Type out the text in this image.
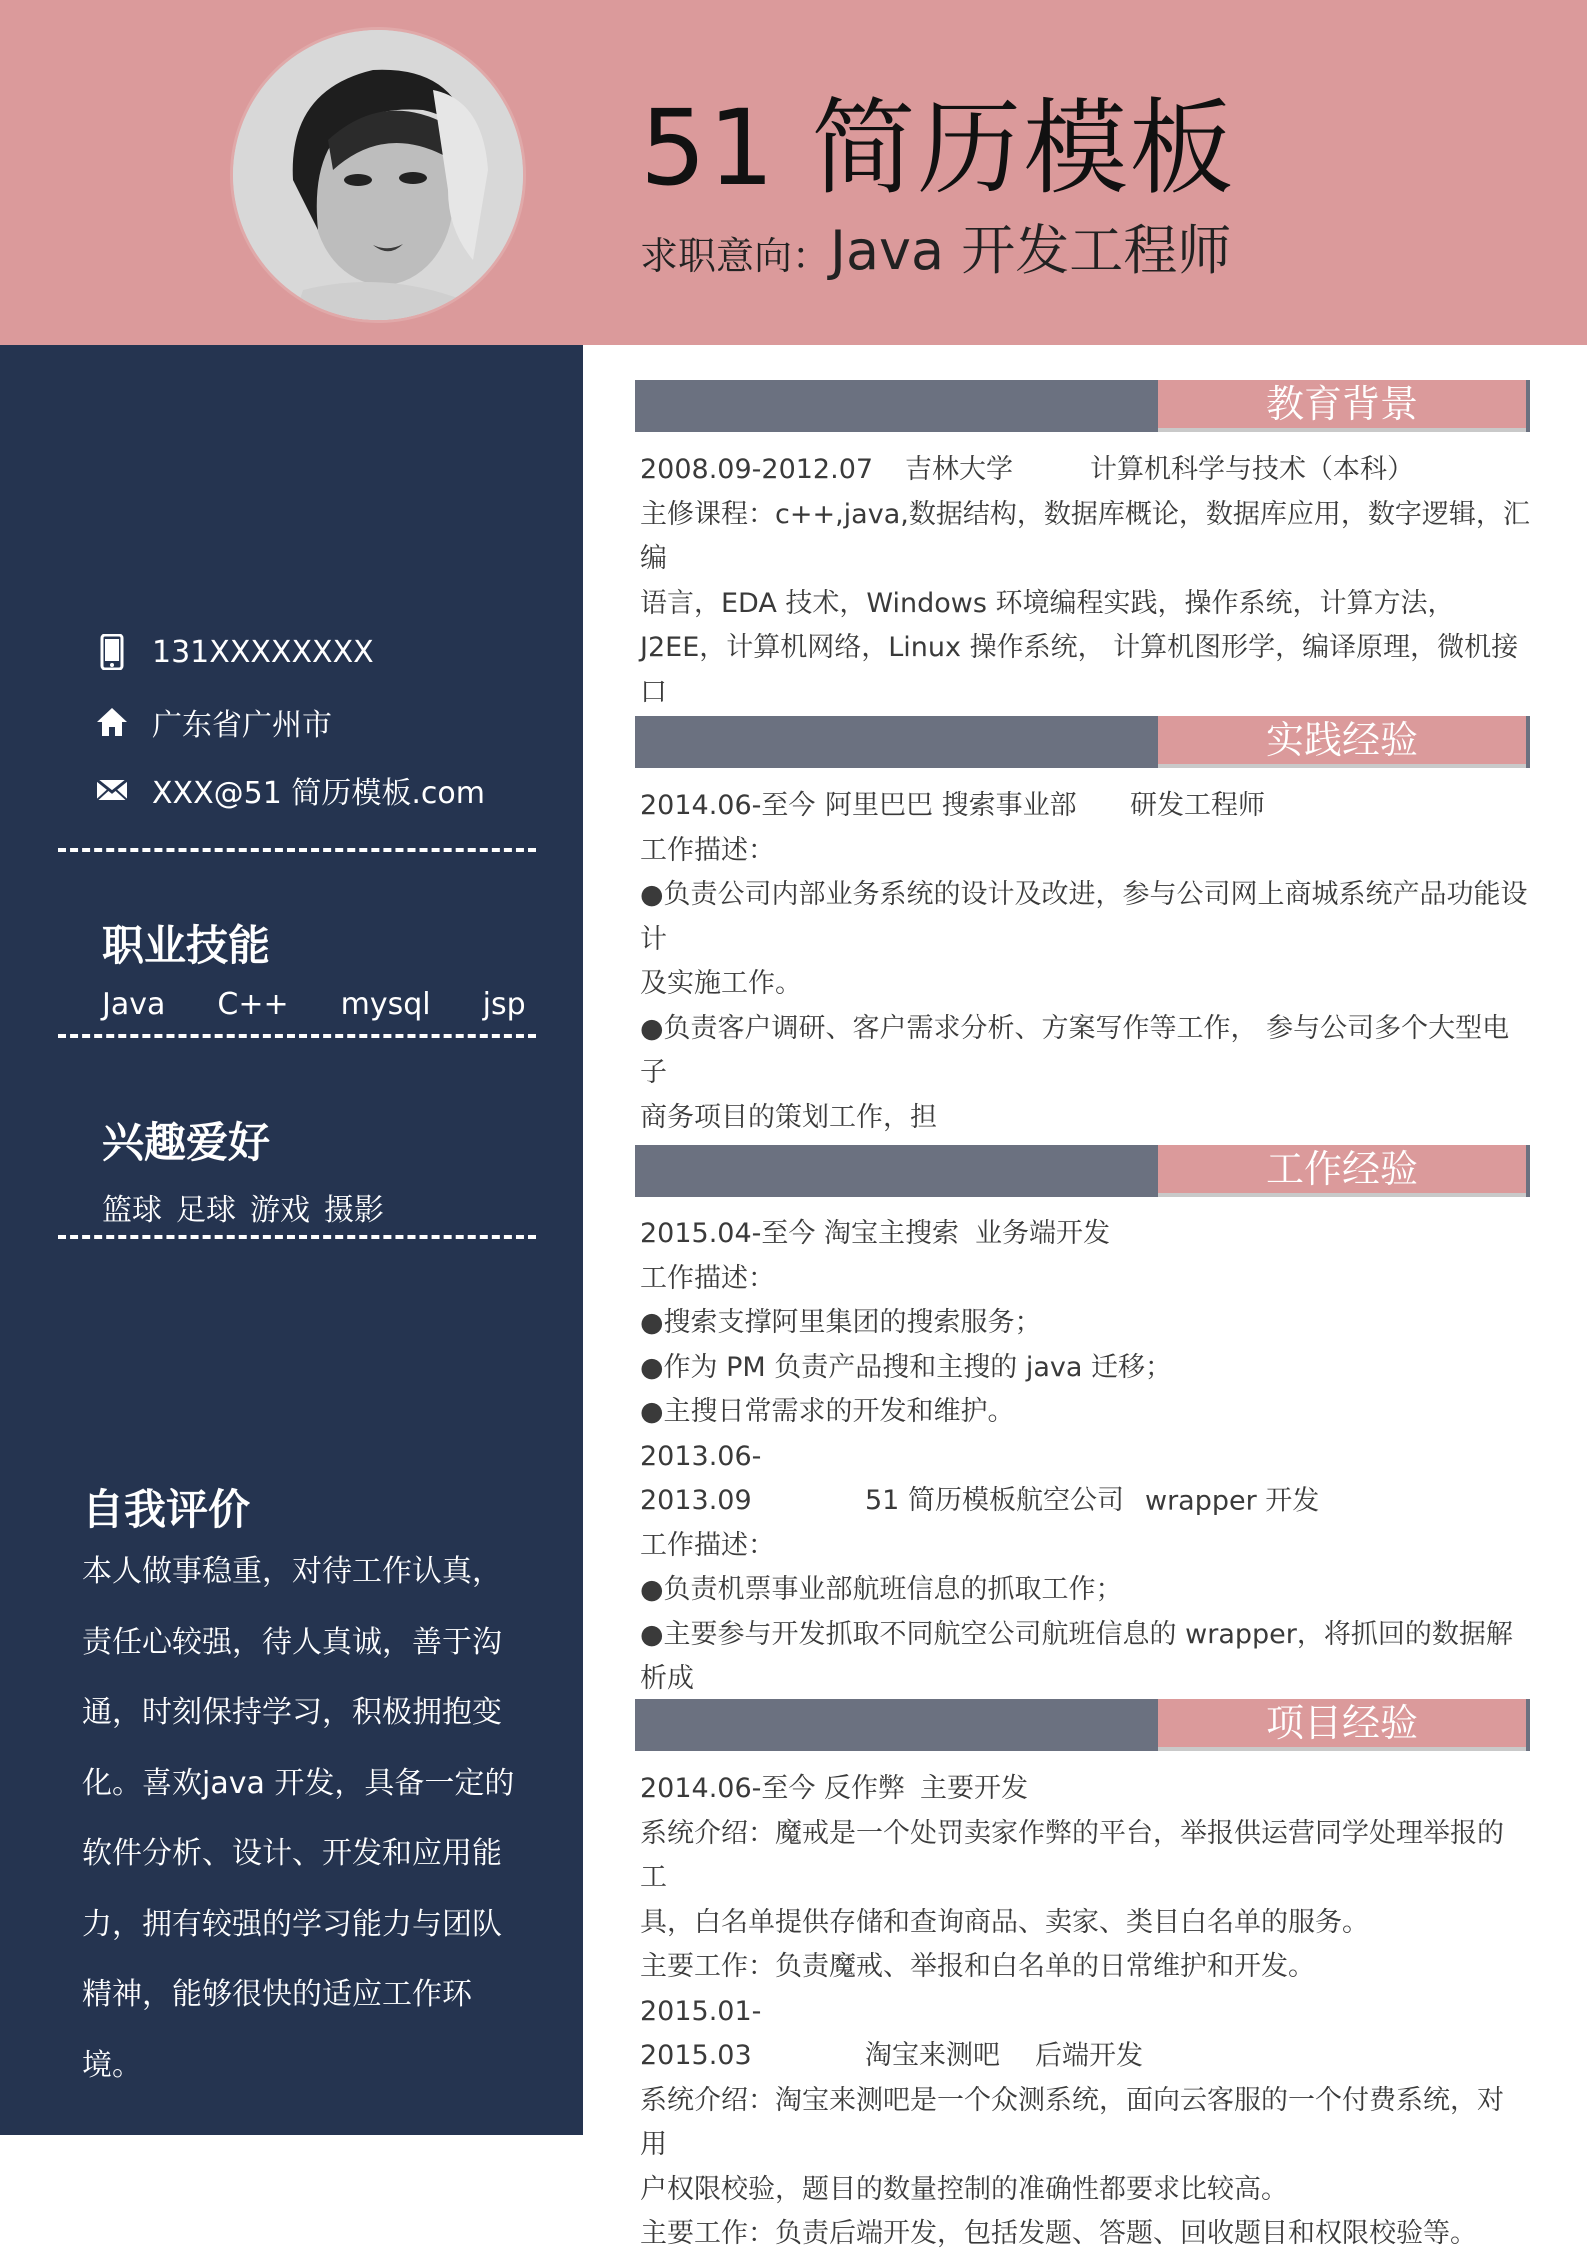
51 简历模板
求职意向：Java 开发工程师
131XXXXXXXX
广东省广州市
XXX@51 简历模板.com
职业技能
Java C++ mysql jsp
兴趣爱好
篮球 足球 游戏 摄影
自我评价
本人做事稳重，对待工作认真，责任心较强，待人真诚，善于沟通，时刻保持学习，积极拥抱变化。喜欢java 开发，具备一定的软件分析、设计、开发和应用能力，拥有较强的学习能力与团队精神，能够很快的适应工作环境。
教育背景

2008.09-2012.07 吉林大学	计算机科学与技术（本科）

主修课程：c++,java,数据结构，数据库概论，数据库应用，数字逻辑，汇编

语言，EDA 技术，Windows 环境编程实践，操作系统，计算方法，

J2EE，计算机网络，Linux 操作系统， 计算机图形学，编译原理，微机接口

实践经验

2014.06-至今 阿里巴巴 搜索事业部 研发工程师

工作描述：

●负责公司内部业务系统的设计及改进，参与公司网上商城系统产品功能设计

及实施工作。

●负责客户调研、客户需求分析、方案写作等工作， 参与公司多个大型电子

商务项目的策划工作，担

工作经验

2015.04-至今 淘宝主搜索 业务端开发

工作描述：

●搜索支撑阿里集团的搜索服务；

●作为 PM 负责产品搜和主搜的 java 迁移；

●主搜日常需求的开发和维护。

2013.06-2013.09	51 简历模板航空公司 wrapper 开发

工作描述：

●负责机票事业部航班信息的抓取工作；

●主要参与开发抓取不同航空公司航班信息的 wrapper，将抓回的数据解析成

项目经验

2014.06-至今 反作弊 主要开发

系统介绍：魔戒是一个处罚卖家作弊的平台，举报供运营同学处理举报的工

具，白名单提供存储和查询商品、卖家、类目白名单的服务。

主要工作：负责魔戒、举报和白名单的日常维护和开发。

2015.01-2015.03	淘宝来测吧 后端开发

系统介绍：淘宝来测吧是一个众测系统，面向云客服的一个付费系统，对用

户权限校验，题目的数量控制的准确性都要求比较高。

主要工作：负责后端开发，包括发题、答题、回收题目和权限校验等。
